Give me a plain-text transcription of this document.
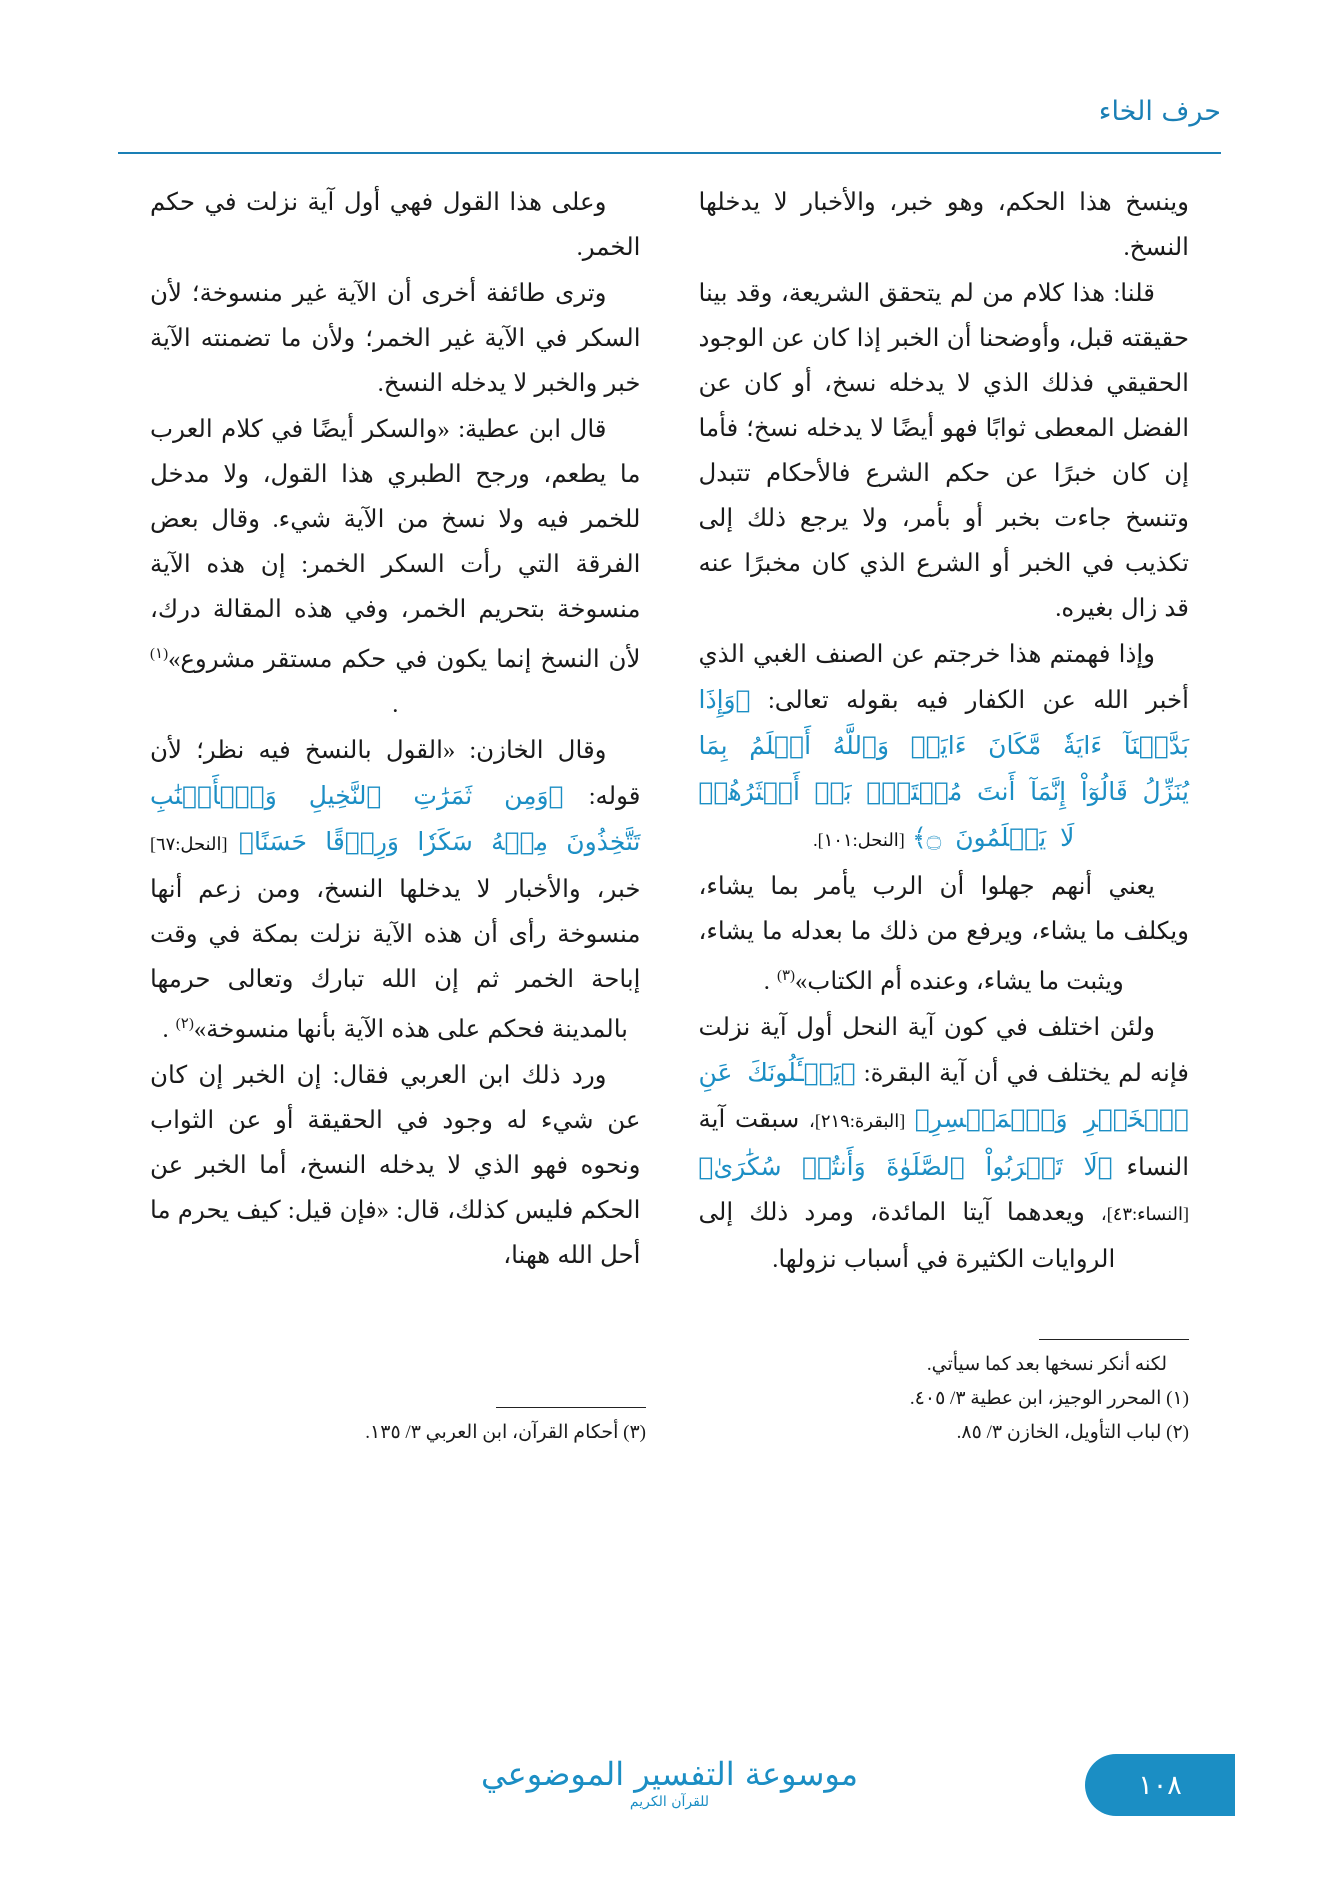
حرف الخاء

وينسخ هذا الحكم، وهو خبر، والأخبار لا يدخلها النسخ.

قلنا: هذا كلام من لم يتحقق الشريعة، وقد بينا حقيقته قبل، وأوضحنا أن الخبر إذا كان عن الوجود الحقيقي فذلك الذي لا يدخله نسخ، أو كان عن الفضل المعطى ثوابًا فهو أيضًا لا يدخله نسخ؛ فأما إن كان خبرًا عن حكم الشرع فالأحكام تتبدل وتنسخ جاءت بخبر أو بأمر، ولا يرجع ذلك إلى تكذيب في الخبر أو الشرع الذي كان مخبرًا عنه قد زال بغيره.

وإذا فهمتم هذا خرجتم عن الصنف الغبي الذي أخبر الله عن الكفار فيه بقوله تعالى: ﴿وَإِذَا بَدَّلۡنَآ ءَايَةٗ مَّكَانَ ءَايَةٖ وَٱللَّهُ أَعۡلَمُ بِمَا يُنَزِّلُ قَالُوٓاْ إِنَّمَآ أَنتَ مُفۡتَرِۢ بَلۡ أَكۡثَرُهُمۡ لَا يَعۡلَمُونَ ۝﴾ [النحل:١٠١].

يعني أنهم جهلوا أن الرب يأمر بما يشاء، ويكلف ما يشاء، ويرفع من ذلك ما بعدله ما يشاء، ويثبت ما يشاء، وعنده أم الكتاب»$^{(٣)}$ .

ولئن اختلف في كون آية النحل أول آية نزلت فإنه لم يختلف في أن آية البقرة: ﴿يَسۡـَٔلُونَكَ عَنِ ٱلۡخَمۡرِ وَٱلۡمَيۡسِرِ﴾ [البقرة:٢١٩]، سبقت آية النساء ﴿لَا تَقۡرَبُواْ ٱلصَّلَوٰةَ وَأَنتُمۡ سُكَٰرَىٰ﴾ [النساء:٤٣]، ويعدهما آيتا المائدة، ومرد ذلك إلى الروايات الكثيرة في أسباب نزولها.

وعلى هذا القول فهي أول آية نزلت في حكم الخمر.

وترى طائفة أخرى أن الآية غير منسوخة؛ لأن السكر في الآية غير الخمر؛ ولأن ما تضمنته الآية خبر والخبر لا يدخله النسخ.

قال ابن عطية: «والسكر أيضًا في كلام العرب ما يطعم، ورجح الطبري هذا القول، ولا مدخل للخمر فيه ولا نسخ من الآية شيء. وقال بعض الفرقة التي رأت السكر الخمر: إن هذه الآية منسوخة بتحريم الخمر، وفي هذه المقالة درك، لأن النسخ إنما يكون في حكم مستقر مشروع»$^{(١)}$ .

وقال الخازن: «القول بالنسخ فيه نظر؛ لأن قوله: ﴿وَمِن ثَمَرَٰتِ ٱلنَّخِيلِ وَٱلۡأَعۡنَٰبِ تَتَّخِذُونَ مِنۡهُ سَكَرٗا وَرِزۡقًا حَسَنًا﴾ [النحل:٦٧] خبر، والأخبار لا يدخلها النسخ، ومن زعم أنها منسوخة رأى أن هذه الآية نزلت بمكة في وقت إباحة الخمر ثم إن الله تبارك وتعالى حرمها بالمدينة فحكم على هذه الآية بأنها منسوخة»$^{(٢)}$ .

ورد ذلك ابن العربي فقال: إن الخبر إن كان عن شيء له وجود في الحقيقة أو عن الثواب ونحوه فهو الذي لا يدخله النسخ، أما الخبر عن الحكم فليس كذلك، قال: «فإن قيل: كيف يحرم ما أحل الله ههنا،

لكنه أنكر نسخها بعد كما سيأتي.

(١) المحرر الوجيز، ابن عطية ٣/ ٤٠٥.

(٢) لباب التأويل، الخازن ٣/ ٨٥.

(٣) أحكام القرآن، ابن العربي ٣/ ١٣٥.

موسوعة التفسير الموضوعي
للقرآن الكريم
١٠٨
